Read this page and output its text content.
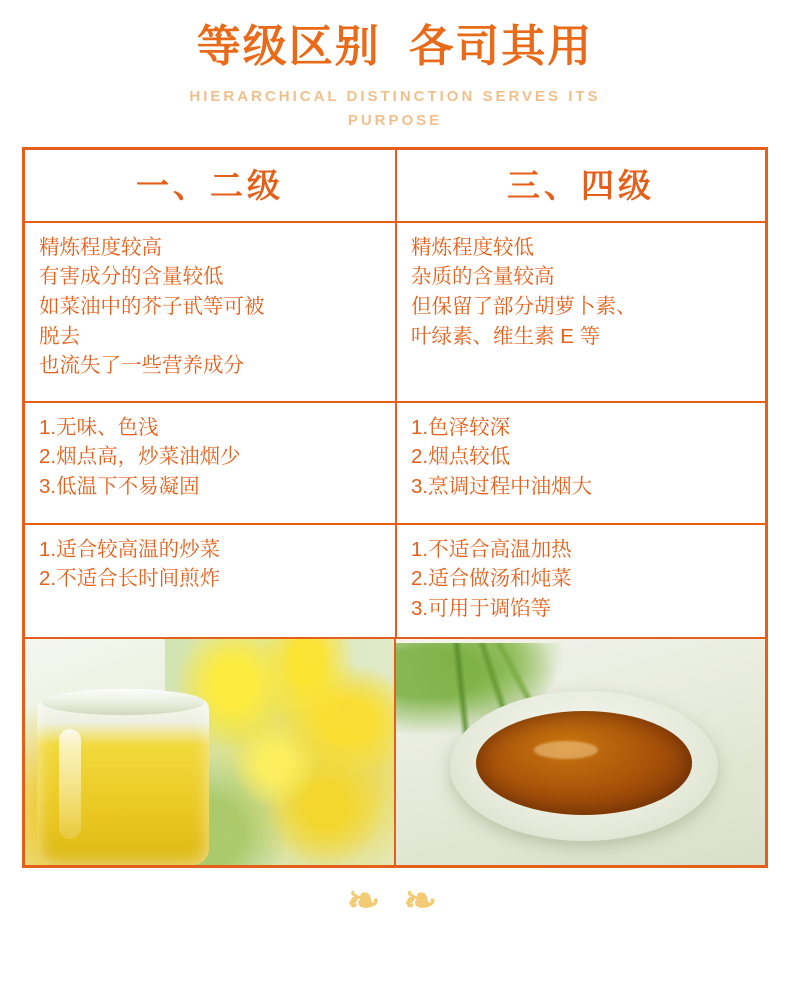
等级区别  各司其用
HIERARCHICAL DISTINCTION SERVES ITS PURPOSE
一、二级	三、四级
精炼程度较高
有害成分的含量较低
如菜油中的芥子甙等可被
脱去
也流失了一些营养成分
精炼程度较低
杂质的含量较高
但保留了部分胡萝卜素、
叶绿素、维生素 E 等
1.无味、色浅
2.烟点高，炒菜油烟少
3.低温下不易凝固
1.色泽较深
2.烟点较低
3.烹调过程中油烟大
1.适合较高温的炒菜
2.不适合长时间煎炸
1.不适合高温加热
2.适合做汤和炖菜
3.可用于调馅等
❧ ❧
